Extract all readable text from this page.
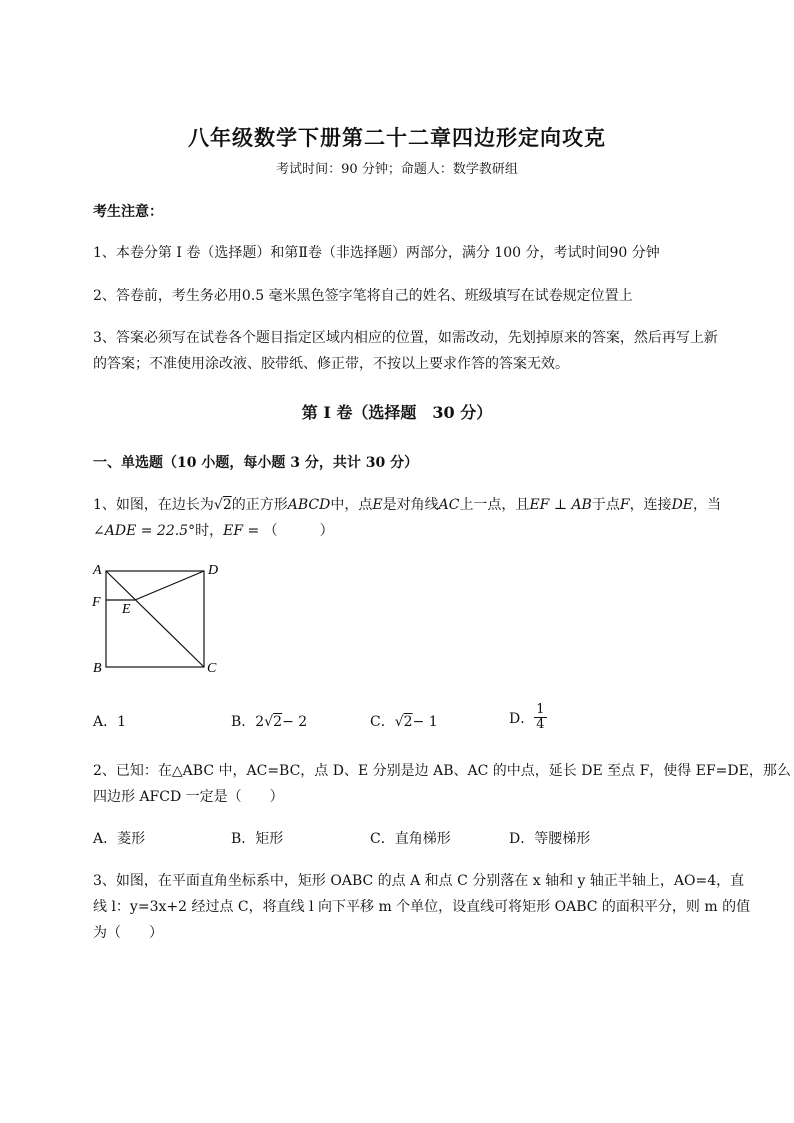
八年级数学下册第二十二章四边形定向攻克
考试时间：90 分钟；命题人：数学教研组
考生注意：
1、本卷分第 I 卷（选择题）和第Ⅱ卷（非选择题）两部分，满分 100 分，考试时间90 分钟
2、答卷前，考生务必用0.5 毫米黑色签字笔将自己的姓名、班级填写在试卷规定位置上
3、答案必须写在试卷各个题目指定区域内相应的位置，如需改动，先划掉原来的答案，然后再写上新
的答案；不准使用涂改液、胶带纸、修正带，不按以上要求作答的答案无效。
第 I 卷（选择题　30 分）
一、单选题（10 小题，每小题 3 分，共计 30 分）
1、如图，在边长为√2的正方形ABCD中，点E是对角线AC上一点，且EF ⊥ AB于点F，连接DE，当
∠ADE = 22.5°时，EF = （　　　）
A	D
F E
B	C
A．1	B．2√2− 2	C．√2− 1	D．
1
4
2、已知：在△ABC 中，AC=BC，点 D、E 分别是边 AB、AC 的中点，延长 DE 至点 F，使得 EF=DE，那么
四边形 AFCD 一定是（　　）
A．菱形	B．矩形	C．直角梯形	D．等腰梯形
3、如图，在平面直角坐标系中，矩形 OABC 的点 A 和点 C 分别落在 x 轴和 y 轴正半轴上，AO=4，直
线 l：y=3x+2 经过点 C，将直线 l 向下平移 m 个单位，设直线可将矩形 OABC 的面积平分，则 m 的值
为（　　）
